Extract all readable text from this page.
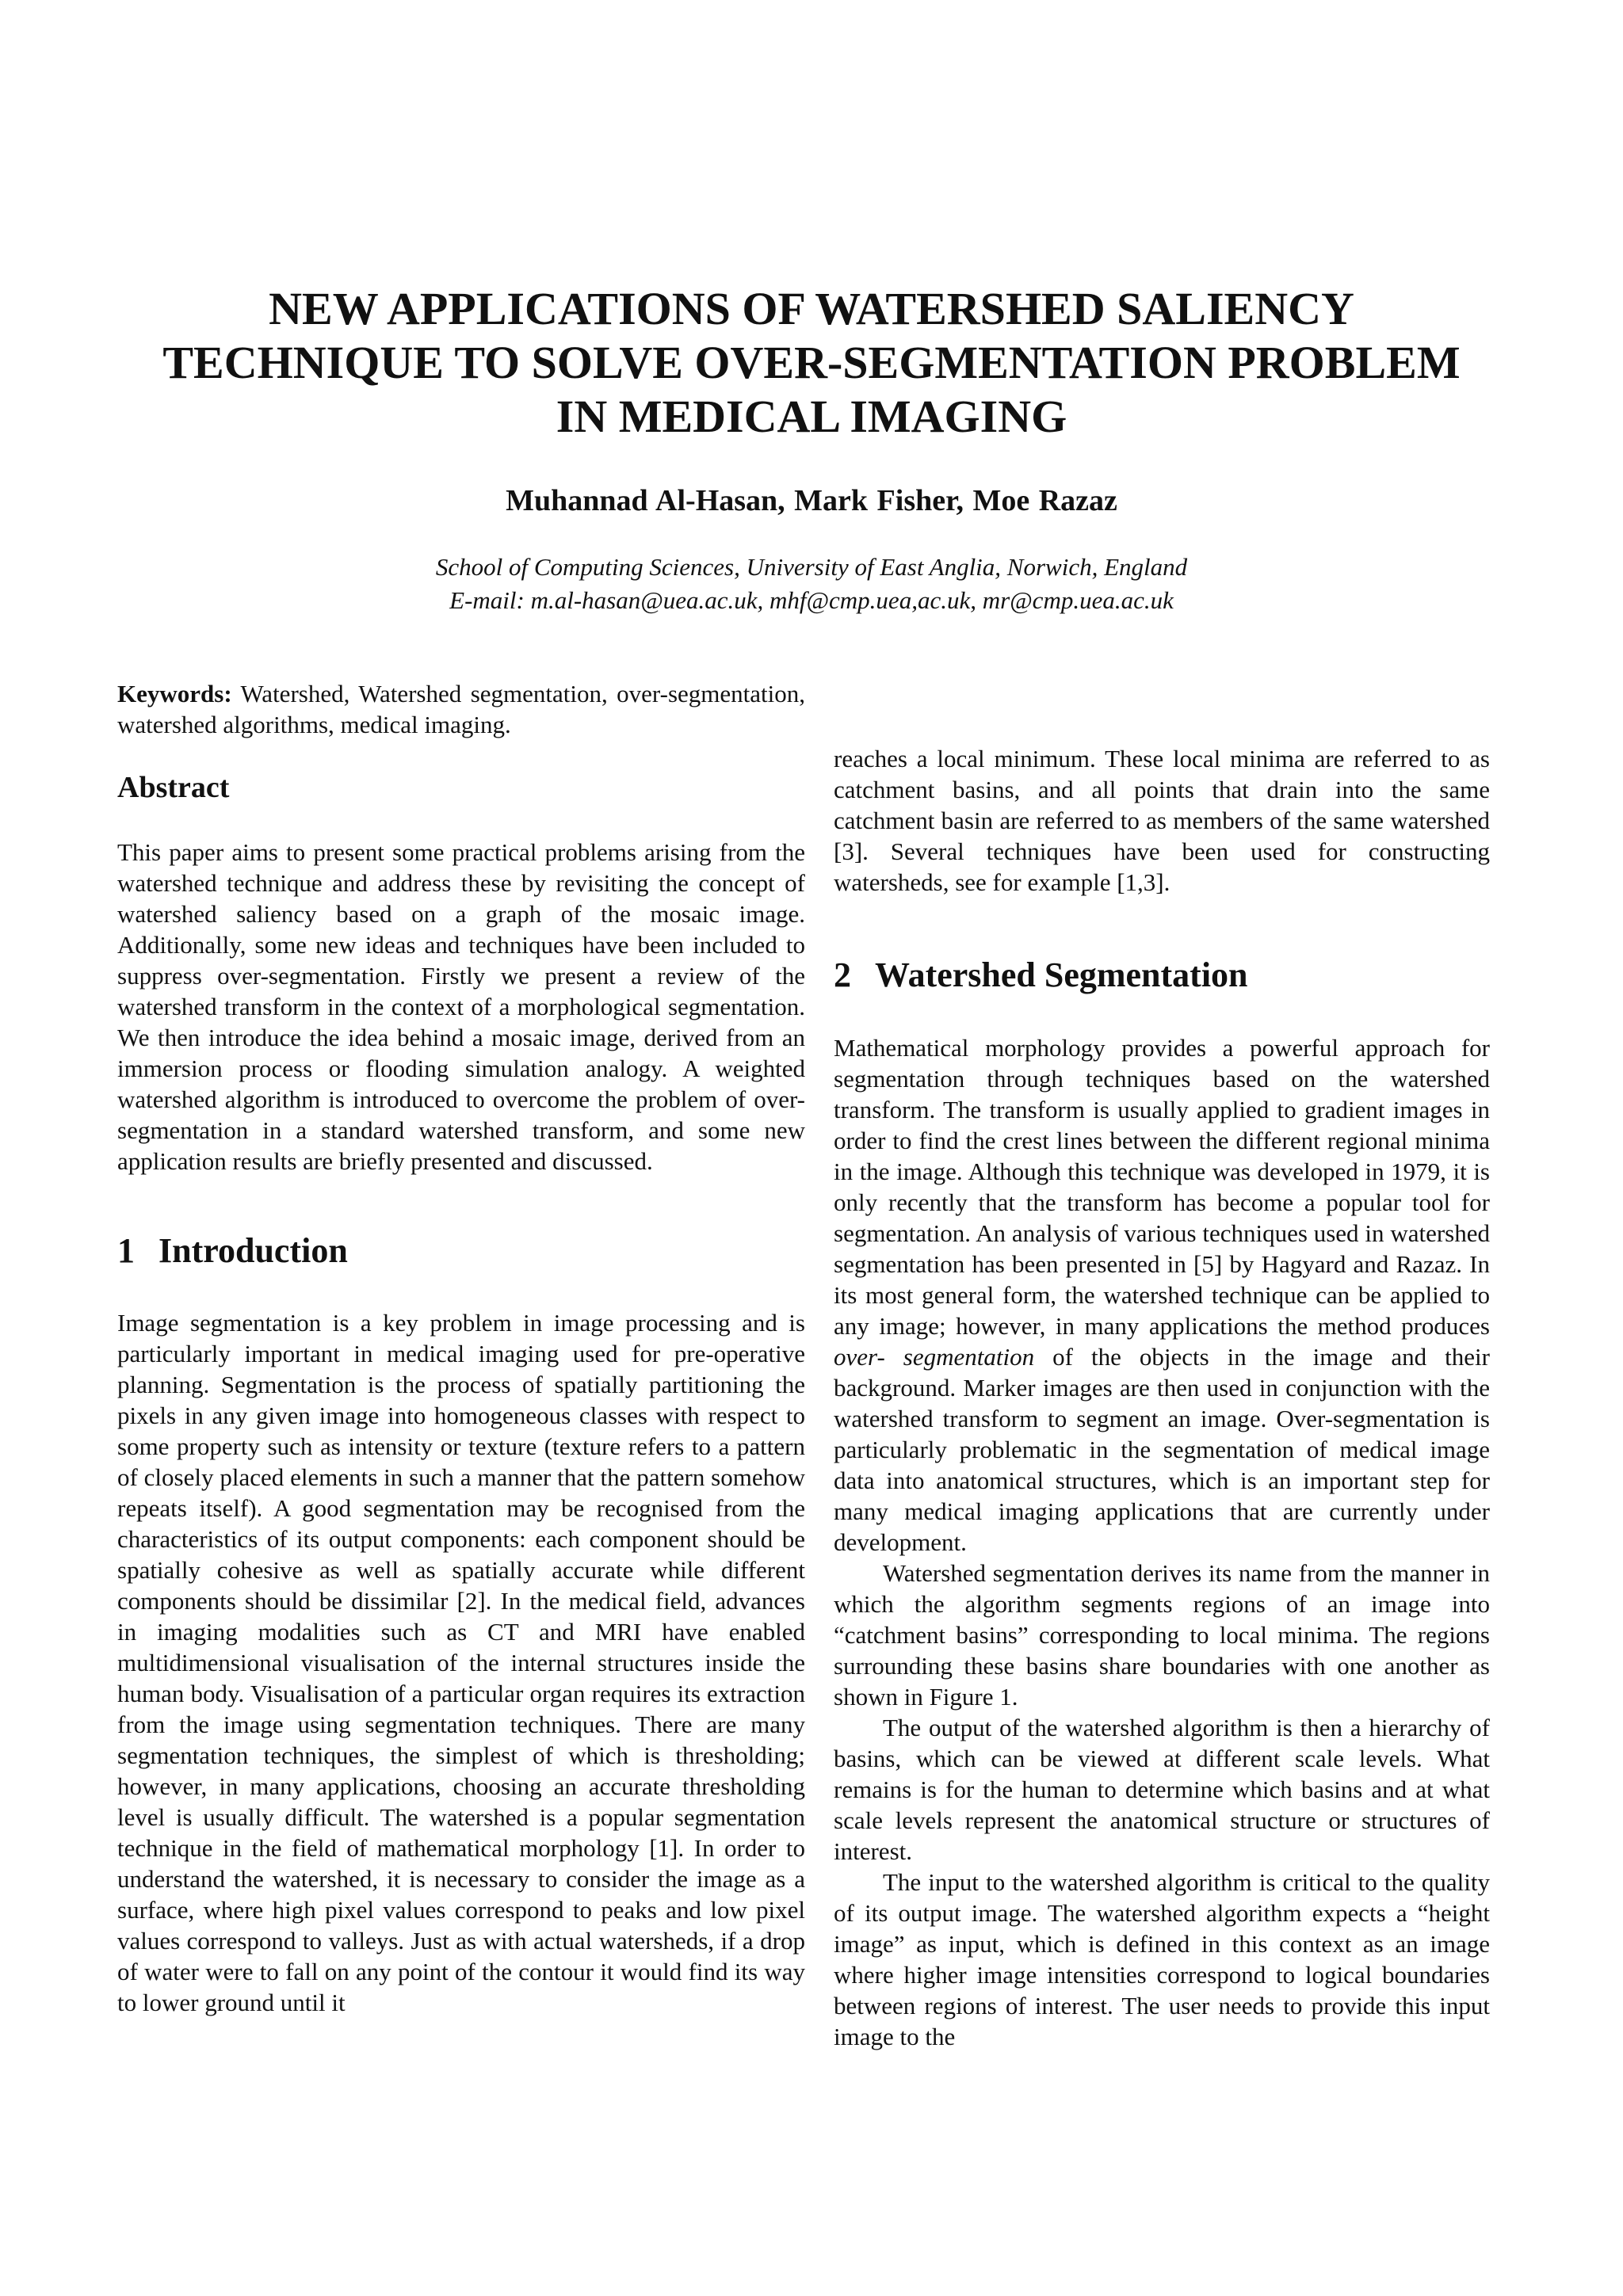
NEW APPLICATIONS OF WATERSHED SALIENCY TECHNIQUE TO SOLVE OVER-SEGMENTATION PROBLEM IN MEDICAL IMAGING

Muhannad Al-Hasan, Mark Fisher, Moe Razaz

School of Computing Sciences, University of East Anglia, Norwich, England
E-mail: m.al-hasan@uea.ac.uk, mhf@cmp.uea,ac.uk, mr@cmp.uea.ac.uk

Keywords: Watershed, Watershed segmentation, over-segmentation, watershed algorithms, medical imaging.

Abstract

This paper aims to present some practical problems arising from the watershed technique and address these by revisiting the concept of watershed saliency based on a graph of the mosaic image. Additionally, some new ideas and techniques have been included to suppress over-segmentation. Firstly we present a review of the watershed transform in the context of a morphological segmentation. We then introduce the idea behind a mosaic image, derived from an immersion process or flooding simulation analogy. A weighted watershed algorithm is introduced to overcome the problem of over-segmentation in a standard watershed transform, and some new application results are briefly presented and discussed.

1 Introduction

Image segmentation is a key problem in image processing and is particularly important in medical imaging used for pre-operative planning. Segmentation is the process of spatially partitioning the pixels in any given image into homogeneous classes with respect to some property such as intensity or texture (texture refers to a pattern of closely placed elements in such a manner that the pattern somehow repeats itself). A good segmentation may be recognised from the characteristics of its output components: each component should be spatially cohesive as well as spatially accurate while different components should be dissimilar [2]. In the medical field, advances in imaging modalities such as CT and MRI have enabled multidimensional visualisation of the internal structures inside the human body. Visualisation of a particular organ requires its extraction from the image using segmentation techniques. There are many segmentation techniques, the simplest of which is thresholding; however, in many applications, choosing an accurate thresholding level is usually difficult. The watershed is a popular segmentation technique in the field of mathematical morphology [1]. In order to understand the watershed, it is necessary to consider the image as a surface, where high pixel values correspond to peaks and low pixel values correspond to valleys. Just as with actual watersheds, if a drop of water were to fall on any point of the contour it would find its way to lower ground until it

reaches a local minimum. These local minima are referred to as catchment basins, and all points that drain into the same catchment basin are referred to as members of the same watershed [3]. Several techniques have been used for constructing watersheds, see for example [1,3].

2 Watershed Segmentation

Mathematical morphology provides a powerful approach for segmentation through techniques based on the watershed transform. The transform is usually applied to gradient images in order to find the crest lines between the different regional minima in the image. Although this technique was developed in 1979, it is only recently that the transform has become a popular tool for segmentation. An analysis of various techniques used in watershed segmentation has been presented in [5] by Hagyard and Razaz. In its most general form, the watershed technique can be applied to any image; however, in many applications the method produces over- segmentation of the objects in the image and their background. Marker images are then used in conjunction with the watershed transform to segment an image. Over-segmentation is particularly problematic in the segmentation of medical image data into anatomical structures, which is an important step for many medical imaging applications that are currently under development.

Watershed segmentation derives its name from the manner in which the algorithm segments regions of an image into “catchment basins” corresponding to local minima. The regions surrounding these basins share boundaries with one another as shown in Figure 1.

The output of the watershed algorithm is then a hierarchy of basins, which can be viewed at different scale levels. What remains is for the human to determine which basins and at what scale levels represent the anatomical structure or structures of interest.

The input to the watershed algorithm is critical to the quality of its output image. The watershed algorithm expects a “height image” as input, which is defined in this context as an image where higher image intensities correspond to logical boundaries between regions of interest. The user needs to provide this input image to the
